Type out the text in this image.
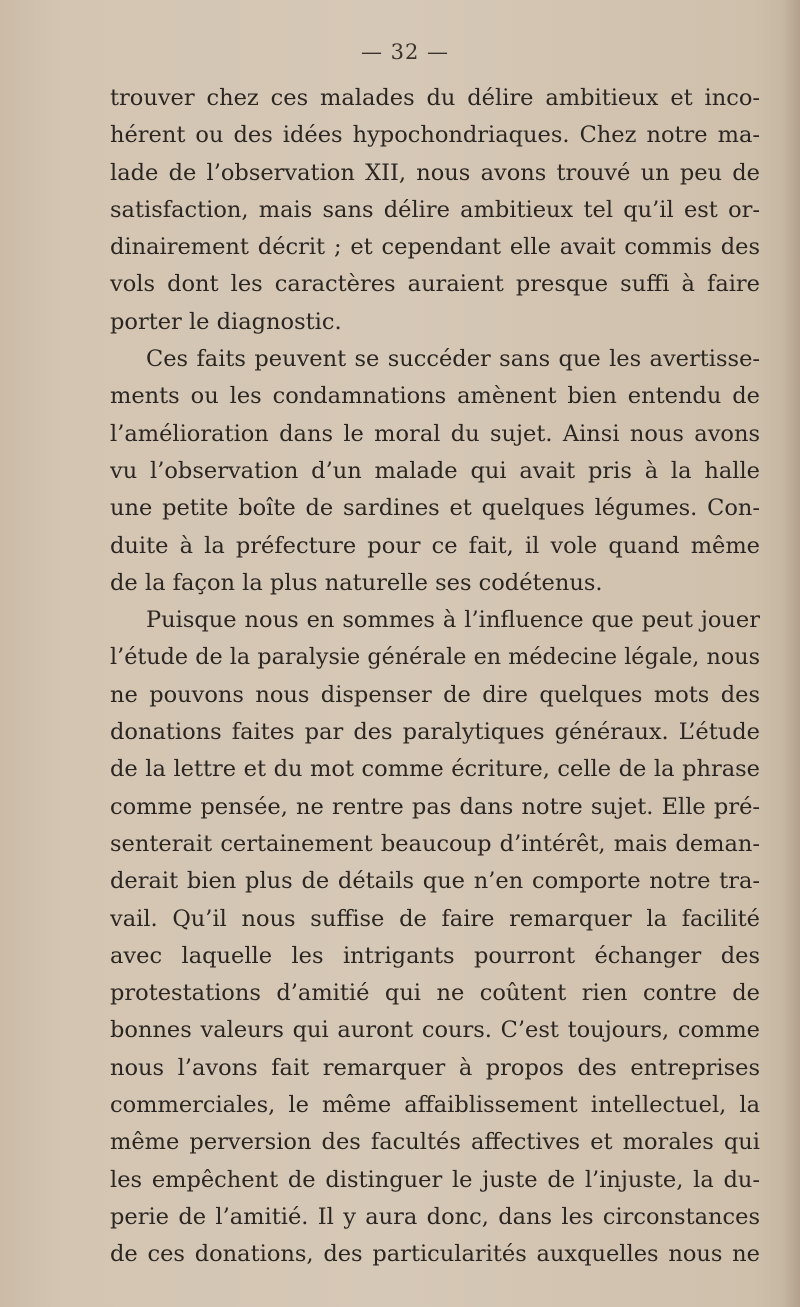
— 32 —
trouver chez ces malades du délire ambitieux et inco-
hérent ou des idées hypochondriaques. Chez notre ma-
lade de l’observation XII, nous avons trouvé un peu de
satisfaction, mais sans délire ambitieux tel qu’il est or-
dinairement décrit ; et cependant elle avait commis des
vols dont les caractères auraient presque suffi à faire
porter le diagnostic.
Ces faits peuvent se succéder sans que les avertisse-
ments ou les condamnations amènent bien entendu de
l’amélioration dans le moral du sujet. Ainsi nous avons
vu l’observation d’un malade qui avait pris à la halle
une petite boîte de sardines et quelques légumes. Con-
duite à la préfecture pour ce fait, il vole quand même
de la façon la plus naturelle ses codétenus.
Puisque nous en sommes à l’influence que peut jouer
l’étude de la paralysie générale en médecine légale, nous
ne pouvons nous dispenser de dire quelques mots des
donations faites par des paralytiques généraux. L’étude
de la lettre et du mot comme écriture, celle de la phrase
comme pensée, ne rentre pas dans notre sujet. Elle pré-
senterait certainement beaucoup d’intérêt, mais deman-
derait bien plus de détails que n’en comporte notre tra-
vail. Qu’il nous suffise de faire remarquer la facilité
avec laquelle les intrigants pourront échanger des
protestations d’amitié qui ne coûtent rien contre de
bonnes valeurs qui auront cours. C’est toujours, comme
nous l’avons fait remarquer à propos des entreprises
commerciales, le même affaiblissement intellectuel, la
même perversion des facultés affectives et morales qui
les empêchent de distinguer le juste de l’injuste, la du-
perie de l’amitié. Il y aura donc, dans les circonstances
de ces donations, des particularités auxquelles nous ne
